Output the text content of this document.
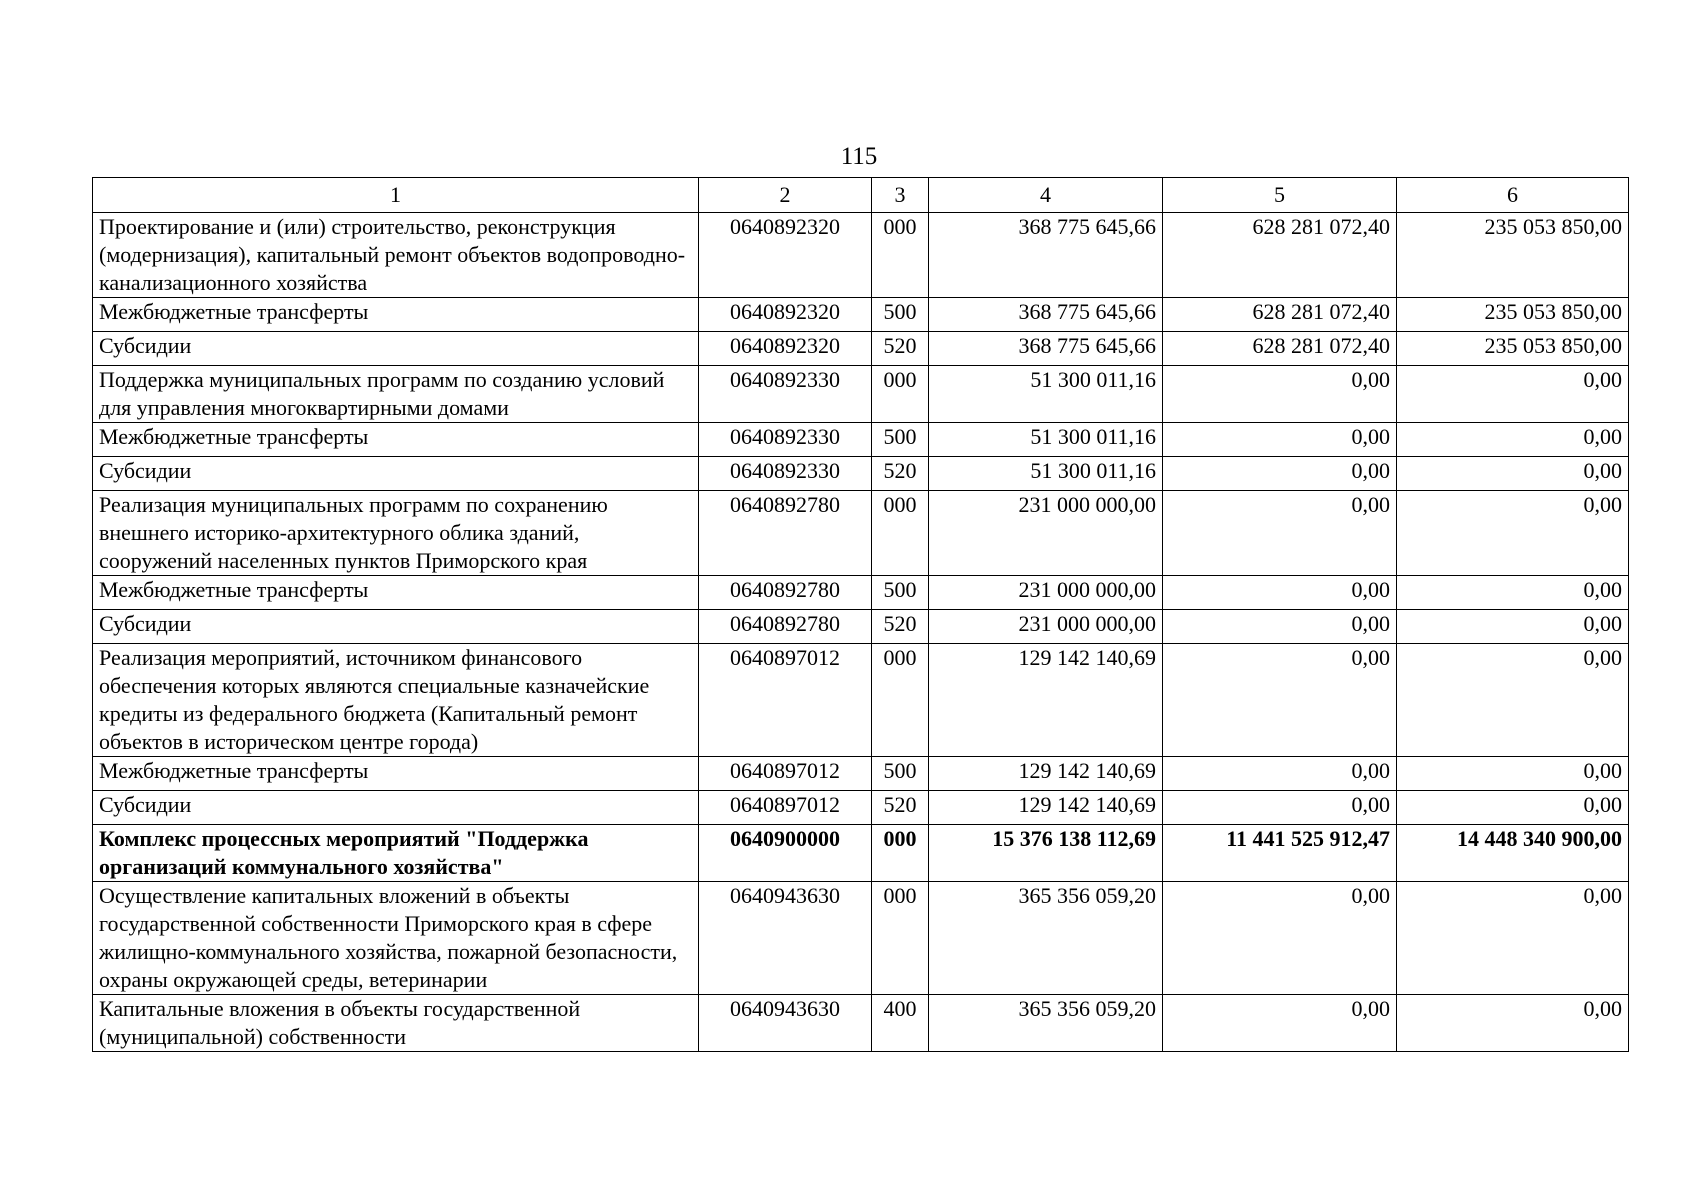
115
1	2	3	4	5	6
Проектирование и (или) строительство, реконструкция (модернизация), капитальный ремонт объектов водопроводно-канализационного хозяйства	0640892320	000	368 775 645,66	628 281 072,40	235 053 850,00
Межбюджетные трансферты	0640892320	500	368 775 645,66	628 281 072,40	235 053 850,00
Субсидии	0640892320	520	368 775 645,66	628 281 072,40	235 053 850,00
Поддержка муниципальных программ по созданию условий для управления многоквартирными домами	0640892330	000	51 300 011,16	0,00	0,00
Межбюджетные трансферты	0640892330	500	51 300 011,16	0,00	0,00
Субсидии	0640892330	520	51 300 011,16	0,00	0,00
Реализация муниципальных программ по сохранению внешнего историко-архитектурного облика зданий, сооружений населенных пунктов Приморского края	0640892780	000	231 000 000,00	0,00	0,00
Межбюджетные трансферты	0640892780	500	231 000 000,00	0,00	0,00
Субсидии	0640892780	520	231 000 000,00	0,00	0,00
Реализация мероприятий, источником финансового обеспечения которых являются специальные казначейские кредиты из федерального бюджета (Капитальный ремонт объектов в историческом центре города)	0640897012	000	129 142 140,69	0,00	0,00
Межбюджетные трансферты	0640897012	500	129 142 140,69	0,00	0,00
Субсидии	0640897012	520	129 142 140,69	0,00	0,00
Комплекс процессных мероприятий "Поддержка организаций коммунального хозяйства"	0640900000	000	15 376 138 112,69	11 441 525 912,47	14 448 340 900,00
Осуществление капитальных вложений в объекты государственной собственности Приморского края в сфере жилищно-коммунального хозяйства, пожарной безопасности, охраны окружающей среды, ветеринарии	0640943630	000	365 356 059,20	0,00	0,00
Капитальные вложения в объекты государственной (муниципальной) собственности	0640943630	400	365 356 059,20	0,00	0,00
